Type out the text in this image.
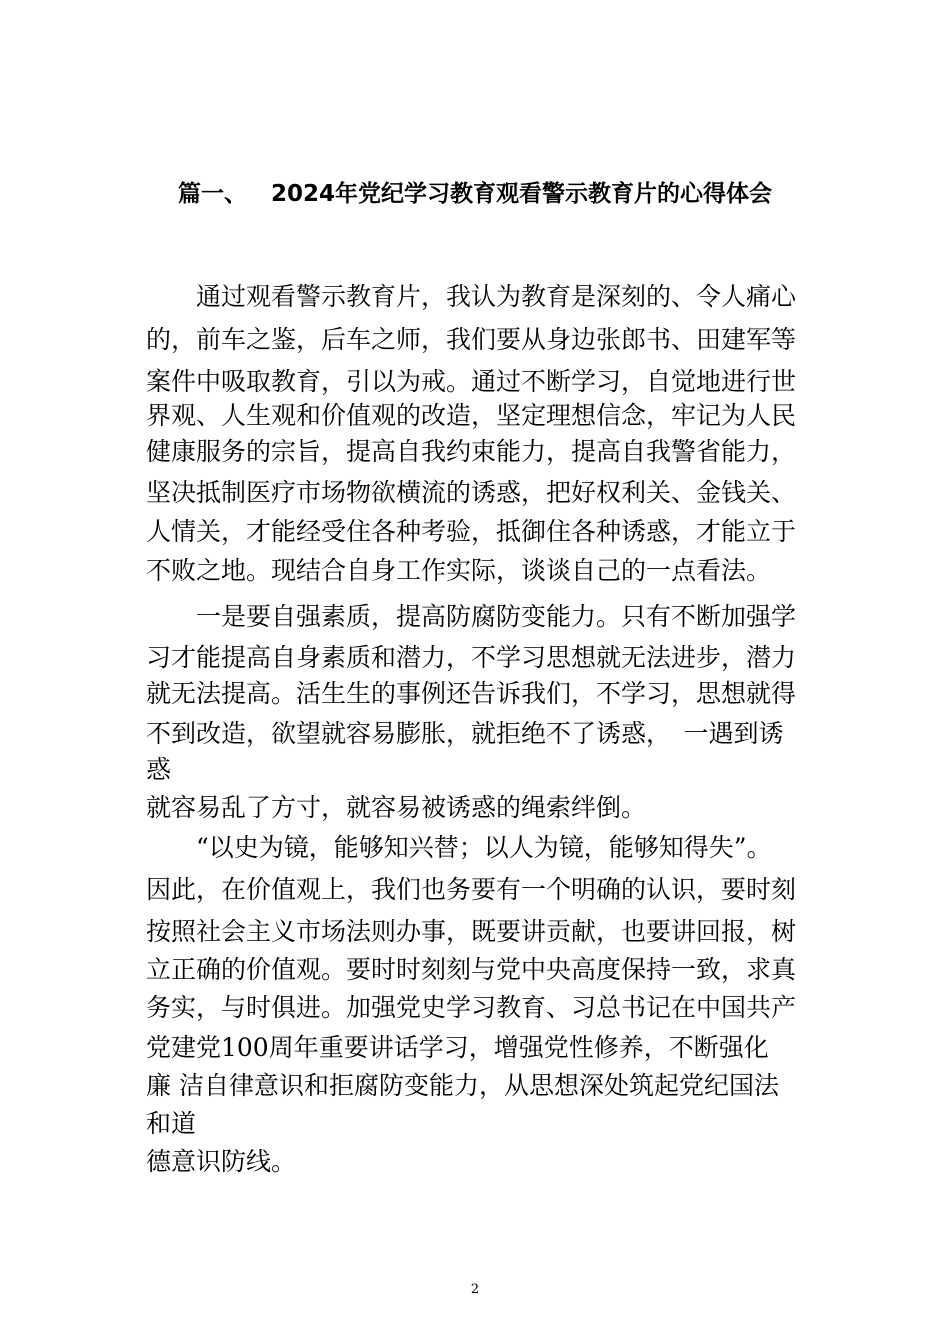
篇一、 2024年党纪学习教育观看警示教育片的心得体会
　　通过观看警示教育片，我认为教育是深刻的、令人痛心
的，前车之鉴，后车之师，我们要从身边张郎书、田建军等
案件中吸取教育，引以为戒。通过不断学习，自觉地进行世
界观、人生观和价值观的改造，坚定理想信念，牢记为人民
健康服务的宗旨，提高自我约束能力，提高自我警省能力，
坚决抵制医疗市场物欲横流的诱惑，把好权利关、金钱关、
人情关，才能经受住各种考验，抵御住各种诱惑，才能立于
不败之地。现结合自身工作实际，谈谈自己的一点看法。
　　一是要自强素质，提高防腐防变能力。只有不断加强学
习才能提高自身素质和潜力，不学习思想就无法进步，潜力
就无法提高。活生生的事例还告诉我们，不学习，思想就得
不到改造，欲望就容易膨胀，就拒绝不了诱惑，　一遇到诱
惑
就容易乱了方寸，就容易被诱惑的绳索绊倒。
　　“以史为镜，能够知兴替；以人为镜，能够知得失”。
因此，在价值观上，我们也务要有一个明确的认识，要时刻
按照社会主义市场法则办事，既要讲贡献，也要讲回报，树
立正确的价值观。要时时刻刻与党中央高度保持一致，求真
务实，与时俱进。加强党史学习教育、习总书记在中国共产
党建党100周年重要讲话学习，增强党性修养，不断强化
廉 洁自律意识和拒腐防变能力，从思想深处筑起党纪国法
和道
德意识防线。
2
